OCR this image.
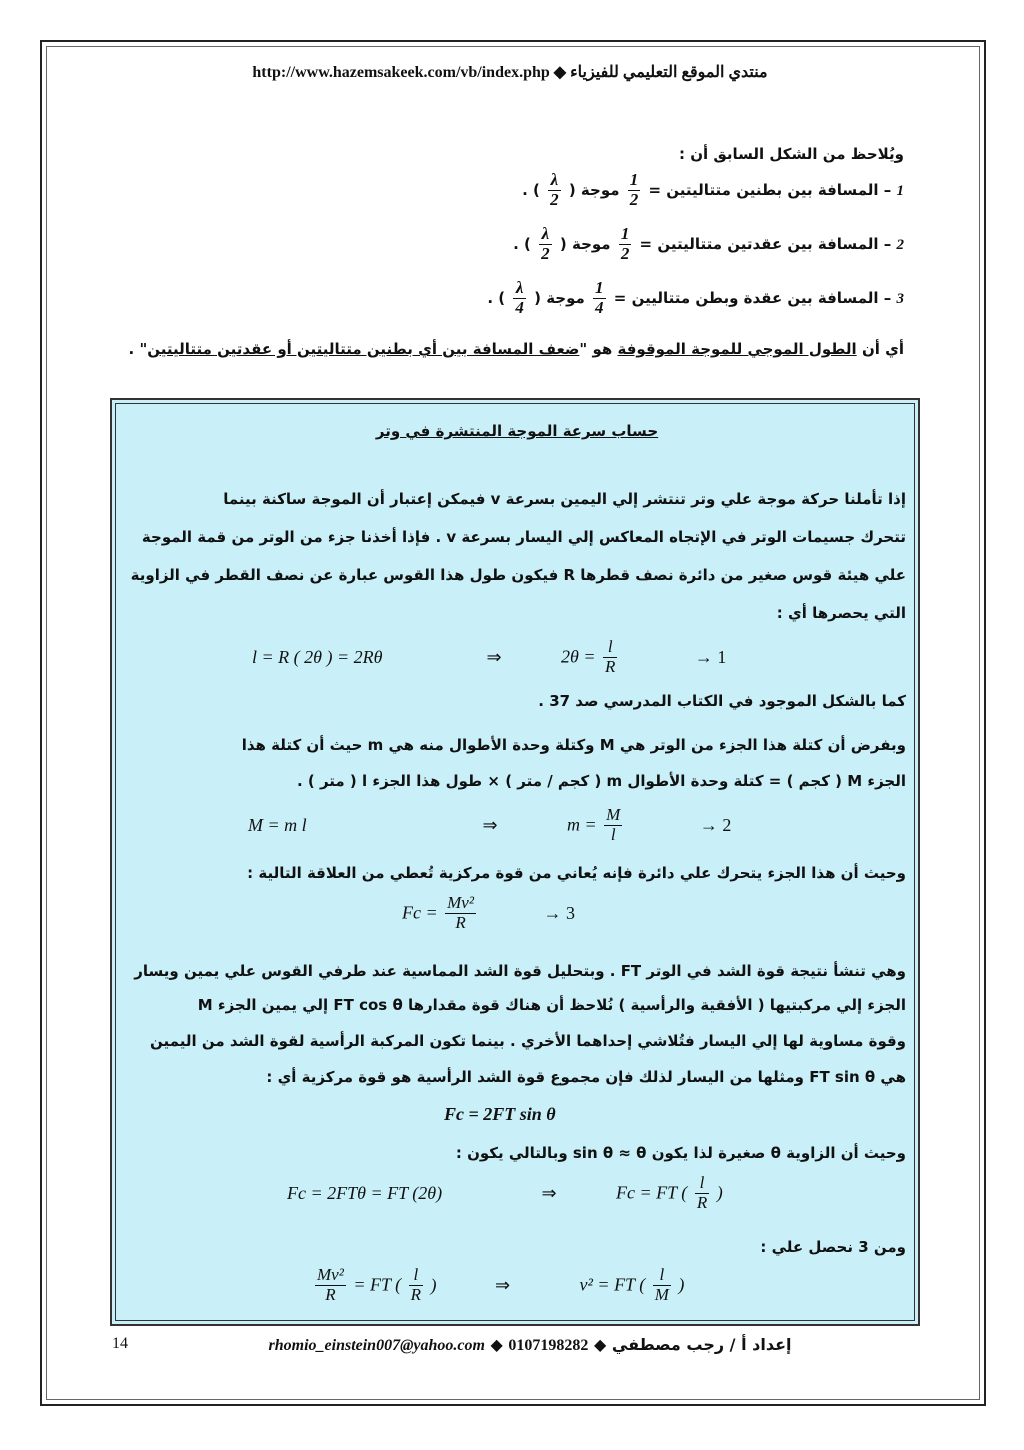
منتدي الموقع التعليمي للفيزياء ◆ http://www.hazemsakeek.com/vb/index.php
ويُلاحظ من الشكل السابق أن :
1 – المسافة بين بطنين متتاليتين =
$\frac{1}{2}$
موجة (
$\frac{\lambda}{2}$
) .
2 – المسافة بين عقدتين متتاليتين =
$\frac{1}{2}$
موجة (
$\frac{\lambda}{2}$
) .
3 – المسافة بين عقدة وبطن متتاليين =
$\frac{1}{4}$
موجة (
$\frac{\lambda}{4}$
) .
أي أن الطول الموجي للموجة الموقوفة هو "ضعف المسافة بين أي بطنين متتاليتين أو عقدتين متتاليتين" .
حساب سرعة الموجة المنتشرة في وتر
إذا تأملنا حركة موجة علي وتر تنتشر إلي اليمين بسرعة v فيمكن إعتبار أن الموجة ساكنة بينما
تتحرك جسيمات الوتر في الإتجاه المعاكس إلي اليسار بسرعة v . فإذا أخذنا جزء من الوتر من قمة الموجة
علي هيئة قوس صغير من دائرة نصف قطرها R فيكون طول هذا القوس عبارة عن نصف القطر في الزاوية
التي يحصرها أي :
l = R ( 2θ ) = 2Rθ	⇒	$2\theta = \frac{l}{R}$	→ 1
كما بالشكل الموجود في الكتاب المدرسي صد 37 .
وبفرض أن كتلة هذا الجزء من الوتر هي M وكتلة وحدة الأطوال منه هي m حيث أن كتلة هذا
الجزء M ( كجم ) = كتلة وحدة الأطوال m ( كجم / متر ) × طول هذا الجزء l ( متر ) .
M = m l	⇒	$m = \frac{M}{l}$	→ 2
وحيث أن هذا الجزء يتحرك علي دائرة فإنه يُعاني من قوة مركزية تُعطي من العلاقة التالية :
$Fc = \frac{\text{Mv²}}{R}$	→ 3
وهي تنشأ نتيجة قوة الشد في الوتر FT . وبتحليل قوة الشد المماسية عند طرفي القوس علي يمين ويسار
الجزء إلي مركبتيها ( الأفقية والرأسية ) نُلاحظ أن هناك قوة مقدارها FT cos θ إلي يمين الجزء M
وقوة مساوية لها إلي اليسار فتُلاشي إحداهما الأخري . بينما تكون المركبة الرأسية لقوة الشد من اليمين
هي FT sin θ ومثلها من اليسار لذلك فإن مجموع قوة الشد الرأسية هو قوة مركزية أي :
Fc = 2FT sin θ
وحيث أن الزاوية θ صغيرة لذا يكون sin θ ≈ θ وبالتالي يكون :
Fc = 2FTθ = FT (2θ)	⇒	Fc = FT ( $\frac{l}{R}$ )
ومن 3 نحصل علي :
$\frac{\text{Mv²}}{R}$ = FT ( $\frac{l}{R}$ )	⇒	v² = FT ( $\frac{l}{M}$ )
14	rhomio_einstein007@yahoo.com ◆ 0107198282 ◆ إعداد أ / رجب مصطفي
